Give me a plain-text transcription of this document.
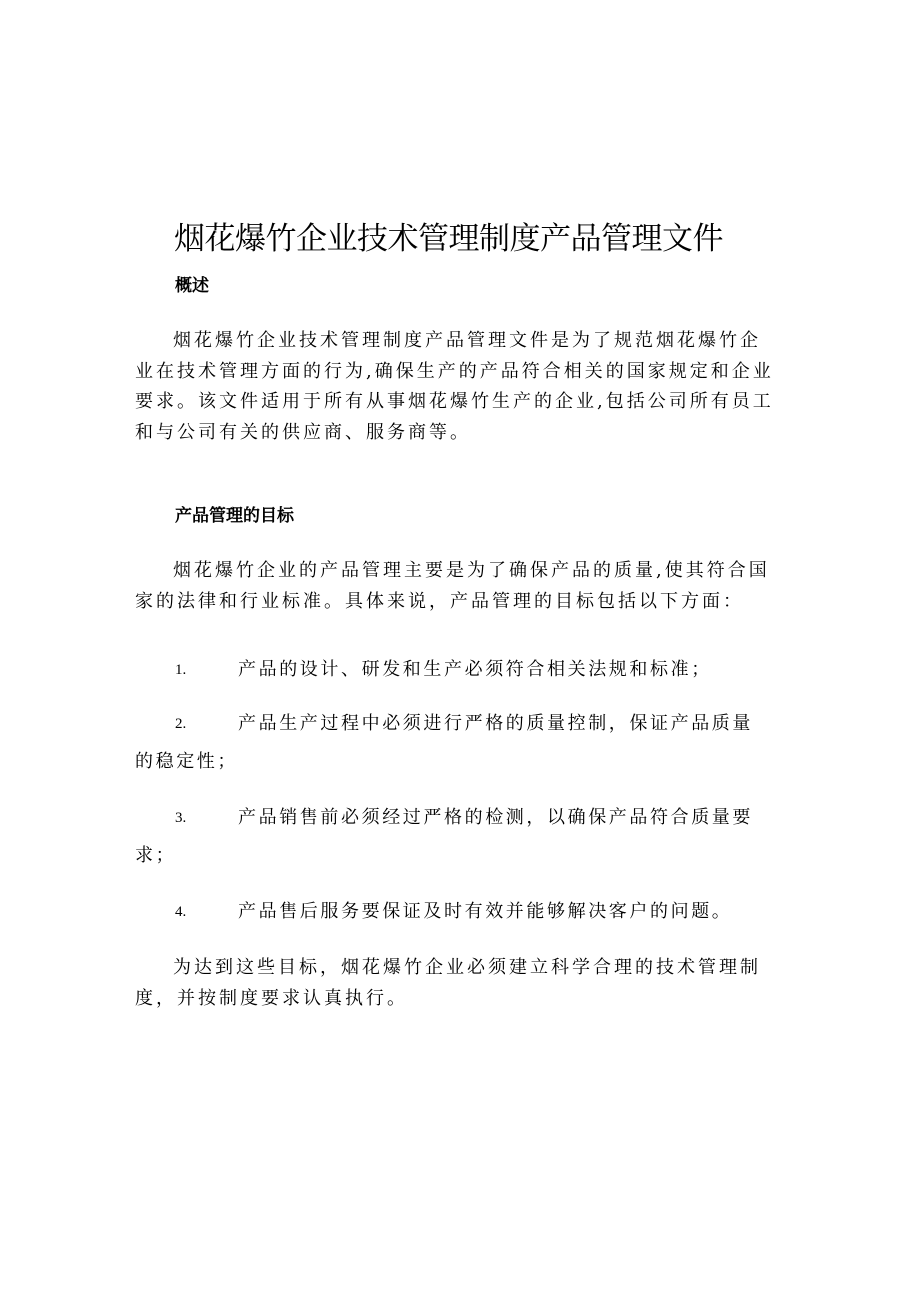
烟花爆竹企业技术管理制度产品管理文件
概述

烟花爆竹企业技术管理制度产品管理文件是为了规范烟花爆竹企业在技术管理方面的行为,确保生产的产品符合相关的国家规定和企业要求。该文件适用于所有从事烟花爆竹生产的企业,包括公司所有员工和与公司有关的供应商、服务商等。

产品管理的目标

烟花爆竹企业的产品管理主要是为了确保产品的质量,使其符合国家的法律和行业标准。具体来说，产品管理的目标包括以下方面：

1.	产品的设计、研发和生产必须符合相关法规和标准；
2.	产品生产过程中必须进行严格的质量控制，保证产品质量
的稳定性；
3.	产品销售前必须经过严格的检测，以确保产品符合质量要
求；
4.	产品售后服务要保证及时有效并能够解决客户的问题。

为达到这些目标，烟花爆竹企业必须建立科学合理的技术管理制度，并按制度要求认真执行。
